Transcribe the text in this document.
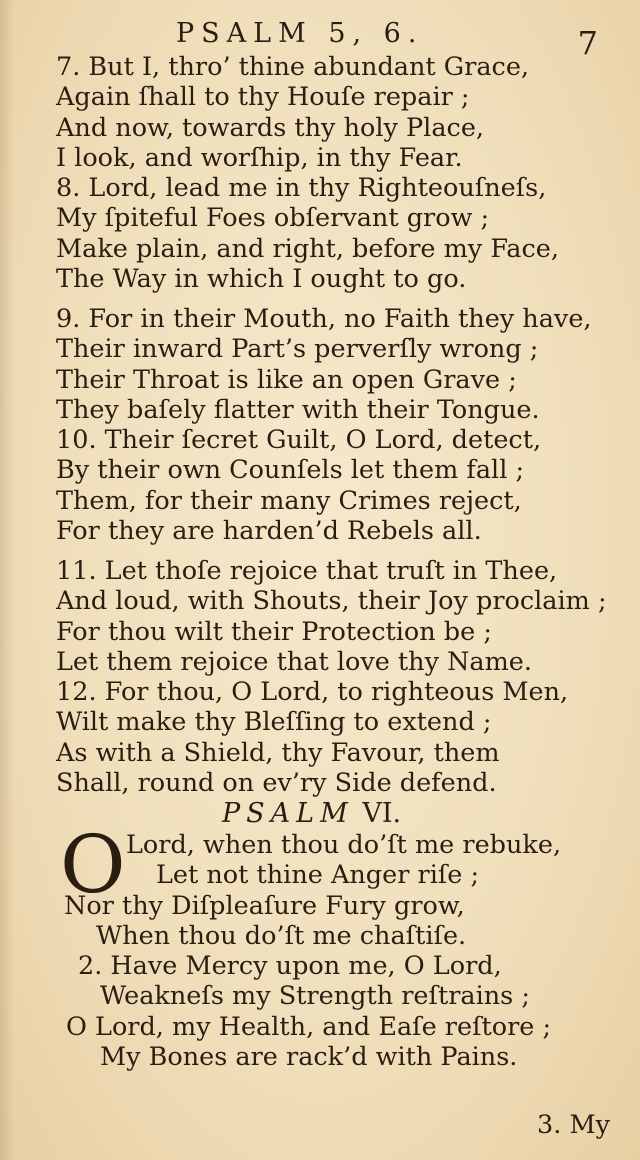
PSALM 5, 6.	7
7. But I, thro’ thine abundant Grace,
Again ſhall to thy Houſe repair ;
And now, towards thy holy Place,
I look, and worſhip, in thy Fear.
8. Lord, lead me in thy Righteouſneſs,
My ſpiteful Foes obſervant grow ;
Make plain, and right, before my Face,
The Way in which I ought to go.
9. For in their Mouth, no Faith they have,
Their inward Part’s perverſly wrong ;
Their Throat is like an open Grave ;
They baſely flatter with their Tongue.
10. Their ſecret Guilt, O Lord, detect,
By their own Counſels let them fall ;
Them, for their many Crimes reject,
For they are harden’d Rebels all.
11. Let thoſe rejoice that truſt in Thee,
And loud, with Shouts, their Joy proclaim ;
For thou wilt their Protection be ;
Let them rejoice that love thy Name.
12. For thou, O Lord, to righteous Men,
Wilt make thy Bleſſing to extend ;
As with a Shield, thy Favour, them
Shall, round on ev’ry Side defend.
PSALM VI.
O Lord, when thou do’ſt me rebuke,
Let not thine Anger riſe ;
Nor thy Diſpleaſure Fury grow,
When thou do’ſt me chaſtiſe.
2. Have Mercy upon me, O Lord,
Weakneſs my Strength reſtrains ;
O Lord, my Health, and Eaſe reſtore ;
My Bones are rack’d with Pains.
3. My
